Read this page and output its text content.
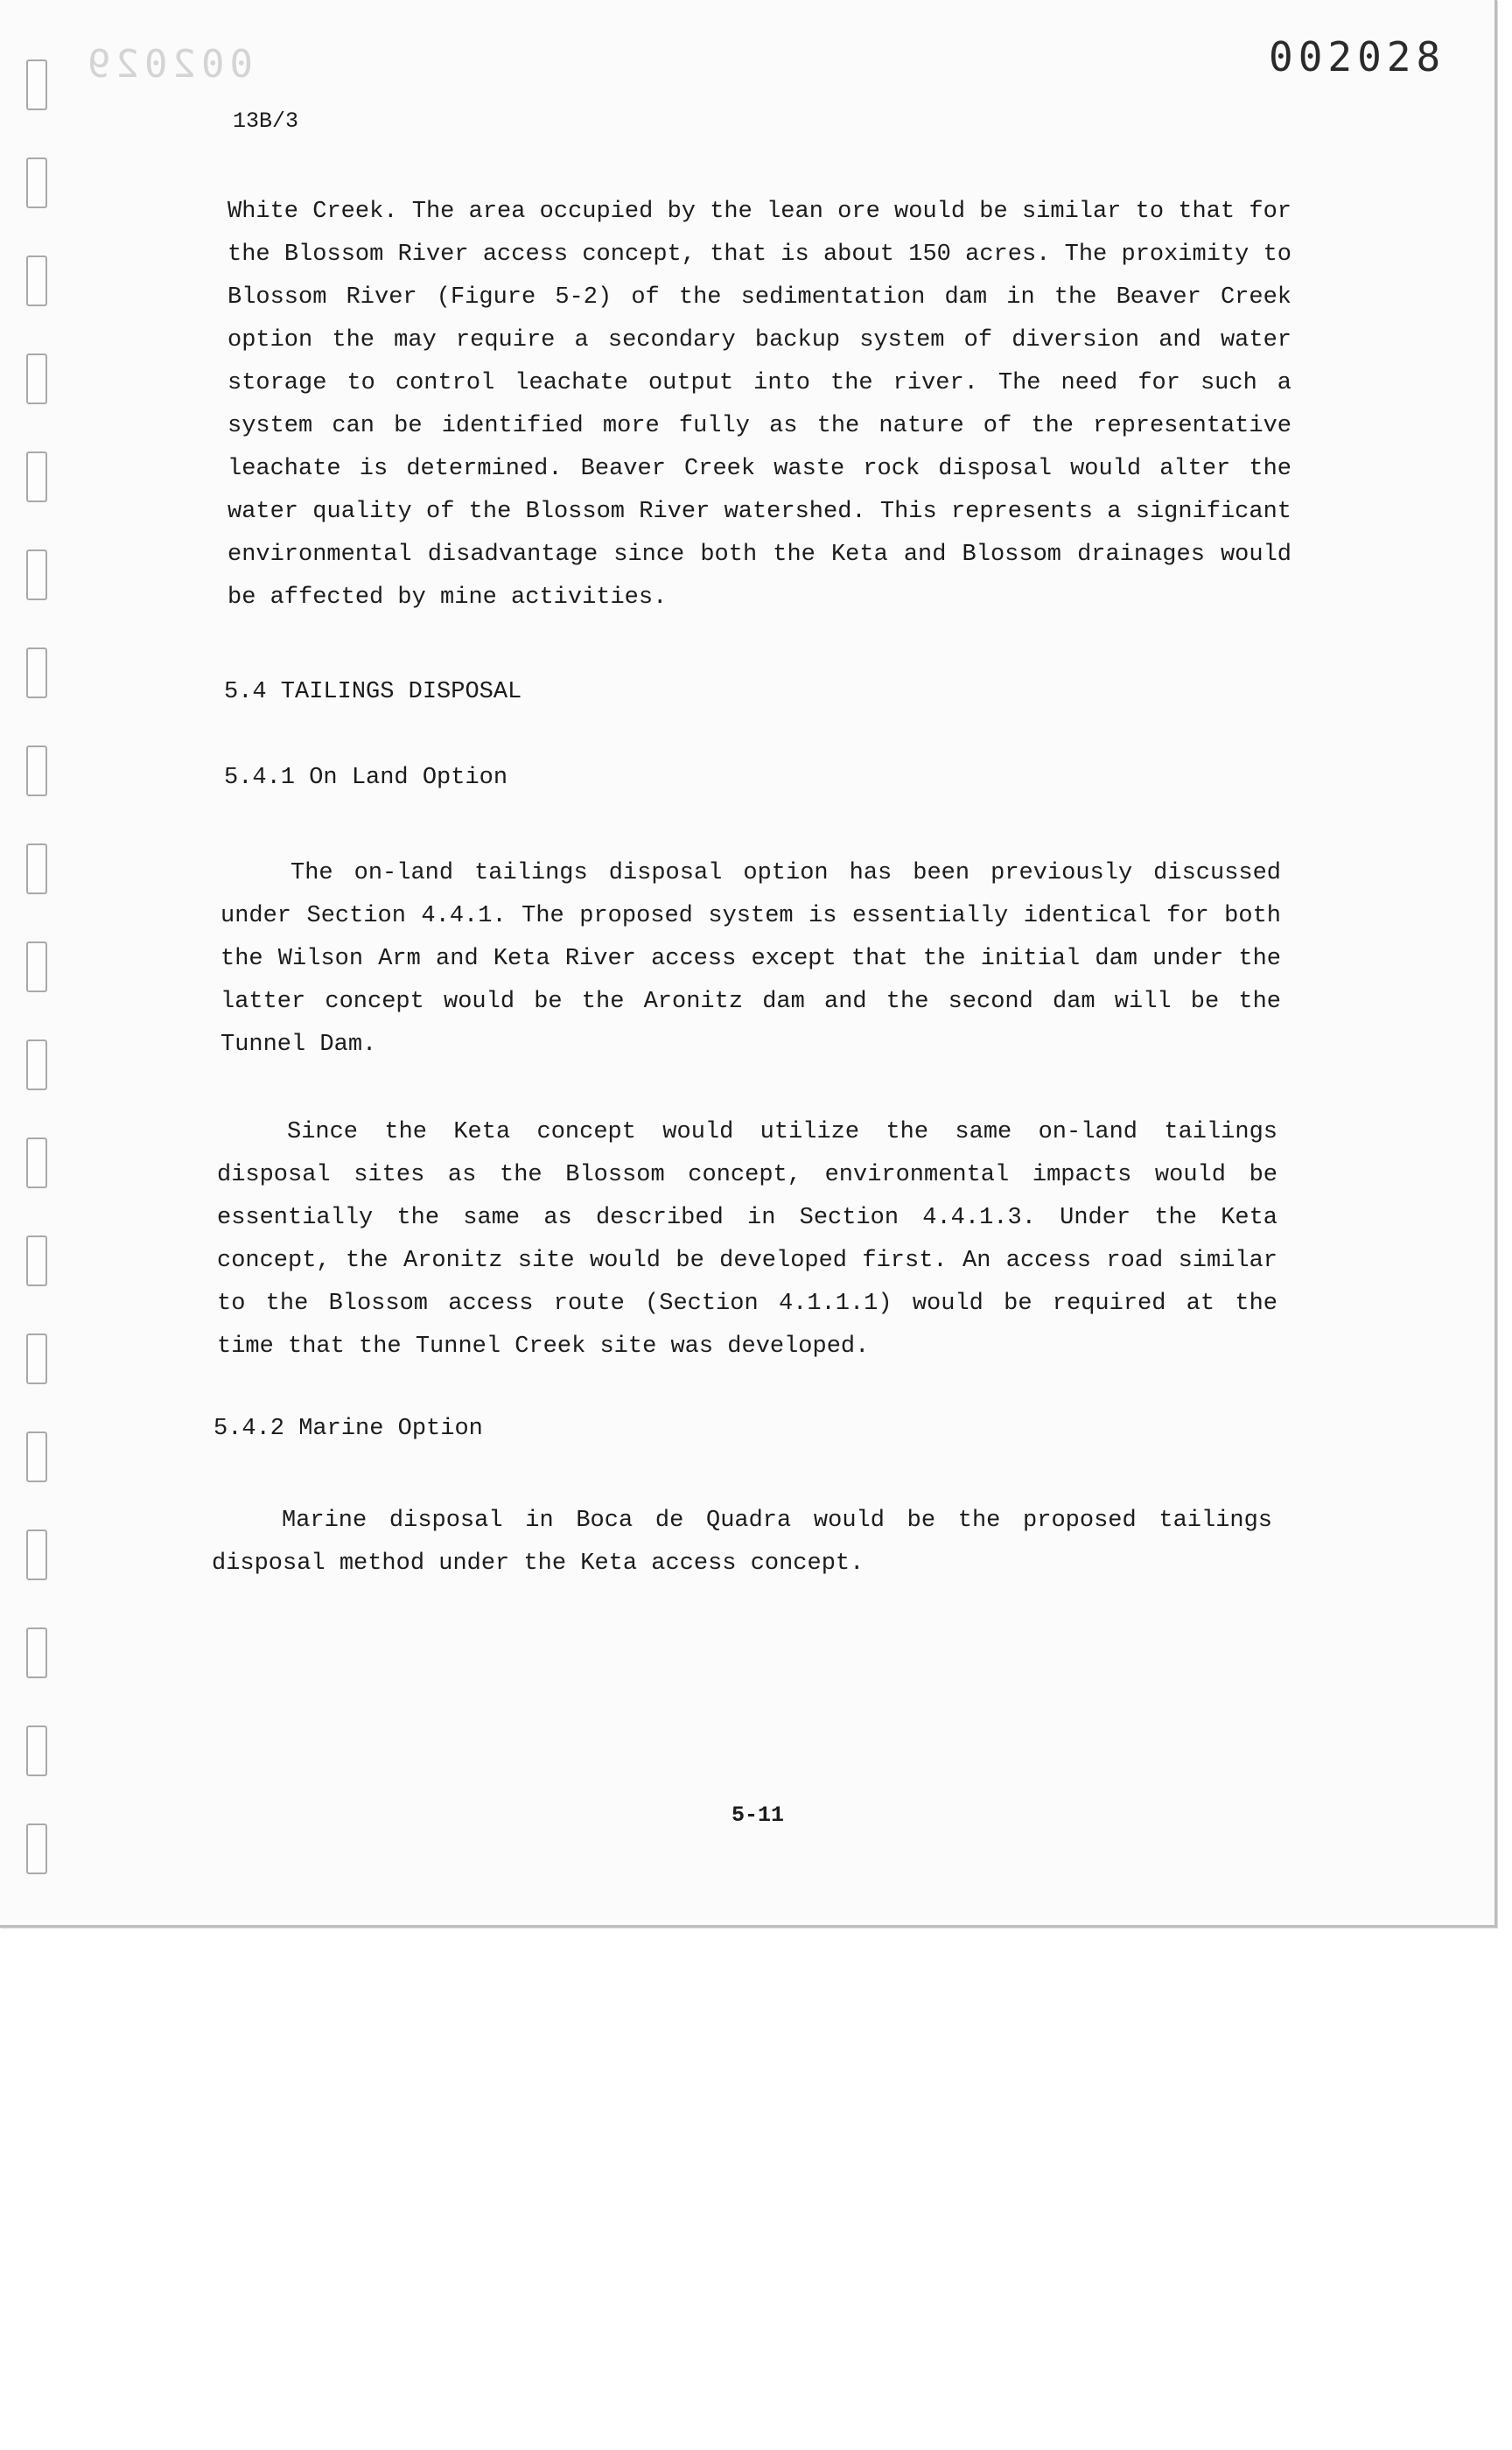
002029	002028
13B/3

White Creek. The area occupied by the lean ore would be similar to that for the Blossom River access concept, that is about 150 acres. The proximity to Blossom River (Figure 5-2) of the sedimentation dam in the Beaver Creek option the may require a secondary backup system of diversion and water storage to control leachate output into the river. The need for such a system can be identified more fully as the nature of the representative leachate is determined. Beaver Creek waste rock disposal would alter the water quality of the Blossom River watershed. This represents a significant environmental disadvantage since both the Keta and Blossom drainages would be affected by mine activities.

5.4 TAILINGS DISPOSAL
5.4.1 On Land Option

The on-land tailings disposal option has been previously discussed under Section 4.4.1. The proposed system is essentially identical for both the Wilson Arm and Keta River access except that the initial dam under the latter concept would be the Aronitz dam and the second dam will be the Tunnel Dam.

Since the Keta concept would utilize the same on-land tailings disposal sites as the Blossom concept, environmental impacts would be essentially the same as described in Section 4.4.1.3. Under the Keta concept, the Aronitz site would be developed first. An access road similar to the Blossom access route (Section 4.1.1.1) would be required at the time that the Tunnel Creek site was developed.

5.4.2 Marine Option

Marine disposal in Boca de Quadra would be the proposed tailings disposal method under the Keta access concept.

5-11
